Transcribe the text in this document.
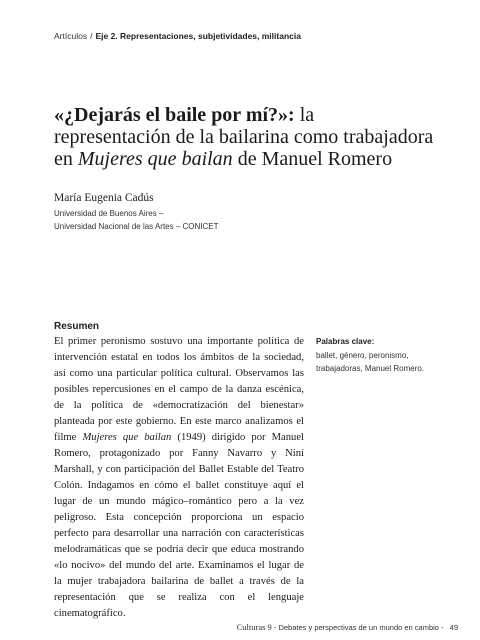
Artículos / Eje 2. Representaciones, subjetividades, militancia
«¿Dejarás el baile por mí?»: la representación de la bailarina como trabajadora en Mujeres que bailan de Manuel Romero
María Eugenia Cadús
Universidad de Buenos Aires –
Universidad Nacional de las Artes – CONICET
Resumen
El primer peronismo sostuvo una importante política de intervención estatal en todos los ámbitos de la sociedad, así como una particular política cultural. Observamos las posibles repercusiones en el campo de la danza escénica, de la política de «democratización del bienestar» planteada por este gobierno. En este marco analizamos el filme Mujeres que bailan (1949) dirigido por Manuel Romero, protagonizado por Fanny Navarro y Niní Marshall, y con participación del Ballet Estable del Teatro Colón. Indagamos en cómo el ballet constituye aquí el lugar de un mundo mágico–romántico pero a la vez peligroso. Esta concepción proporciona un espacio perfecto para desarrollar una narración con características melodramáticas que se podría decir que educa mostrando «lo nocivo» del mundo del arte. Examinamos el lugar de la mujer trabajadora bailarina de ballet a través de la representación que se realiza con el lenguaje cinematográfico.
Palabras clave:
ballet, género, peronismo, trabajadoras, Manuel Romero.
Culturas 9 - Debates y perspectivas de un mundo en cambio - 49
